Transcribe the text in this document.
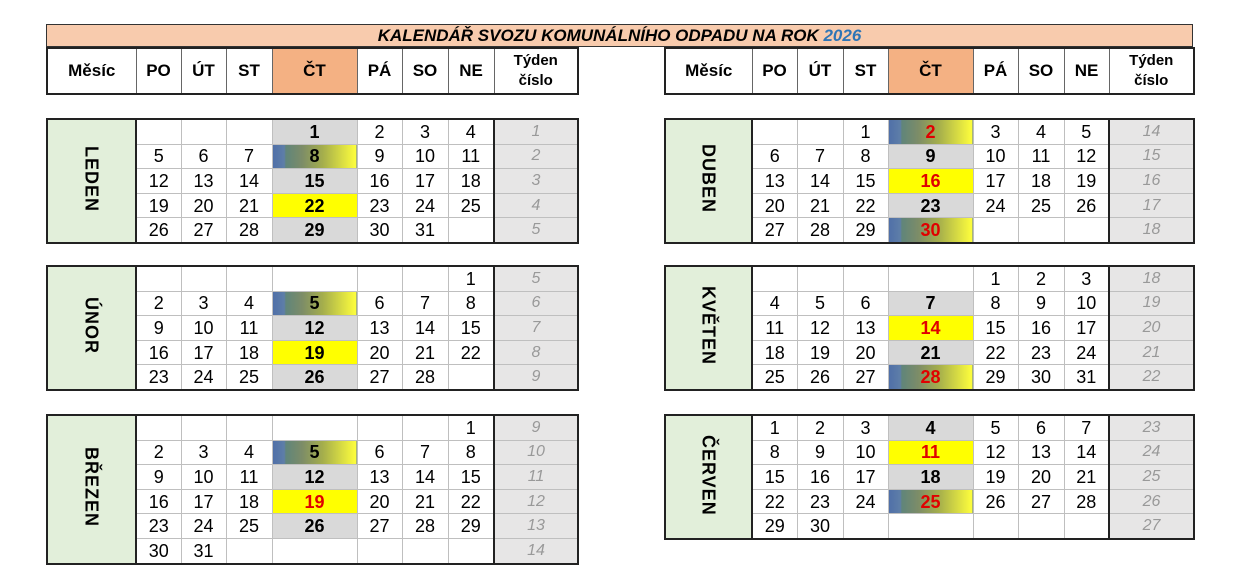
KALENDÁŘ SVOZU KOMUNÁLNÍHO ODPADU NA ROK 2026
Měsíc	PO	ÚT	ST	ČT	PÁ	SO	NE	Týden
číslo
Měsíc	PO	ÚT	ST	ČT	PÁ	SO	NE	Týden
číslo
LEDEN				1	2	3	4	1
	5	6	7	8	9	10	11	2
	12	13	14	15	16	17	18	3
	19	20	21	22	23	24	25	4
	26	27	28	29	30	31		5
ÚNOR							1	5
	2	3	4	5	6	7	8	6
	9	10	11	12	13	14	15	7
	16	17	18	19	20	21	22	8
	23	24	25	26	27	28		9
BŘEZEN							1	9
	2	3	4	5	6	7	8	10
	9	10	11	12	13	14	15	11
	16	17	18	19	20	21	22	12
	23	24	25	26	27	28	29	13
	30	31						14
DUBEN			1	2	3	4	5	14
	6	7	8	9	10	11	12	15
	13	14	15	16	17	18	19	16
	20	21	22	23	24	25	26	17
	27	28	29	30				18
KVĚTEN					1	2	3	18
	4	5	6	7	8	9	10	19
	11	12	13	14	15	16	17	20
	18	19	20	21	22	23	24	21
	25	26	27	28	29	30	31	22
ČERVEN	1	2	3	4	5	6	7	23
	8	9	10	11	12	13	14	24
	15	16	17	18	19	20	21	25
	22	23	24	25	26	27	28	26
	29	30						27
